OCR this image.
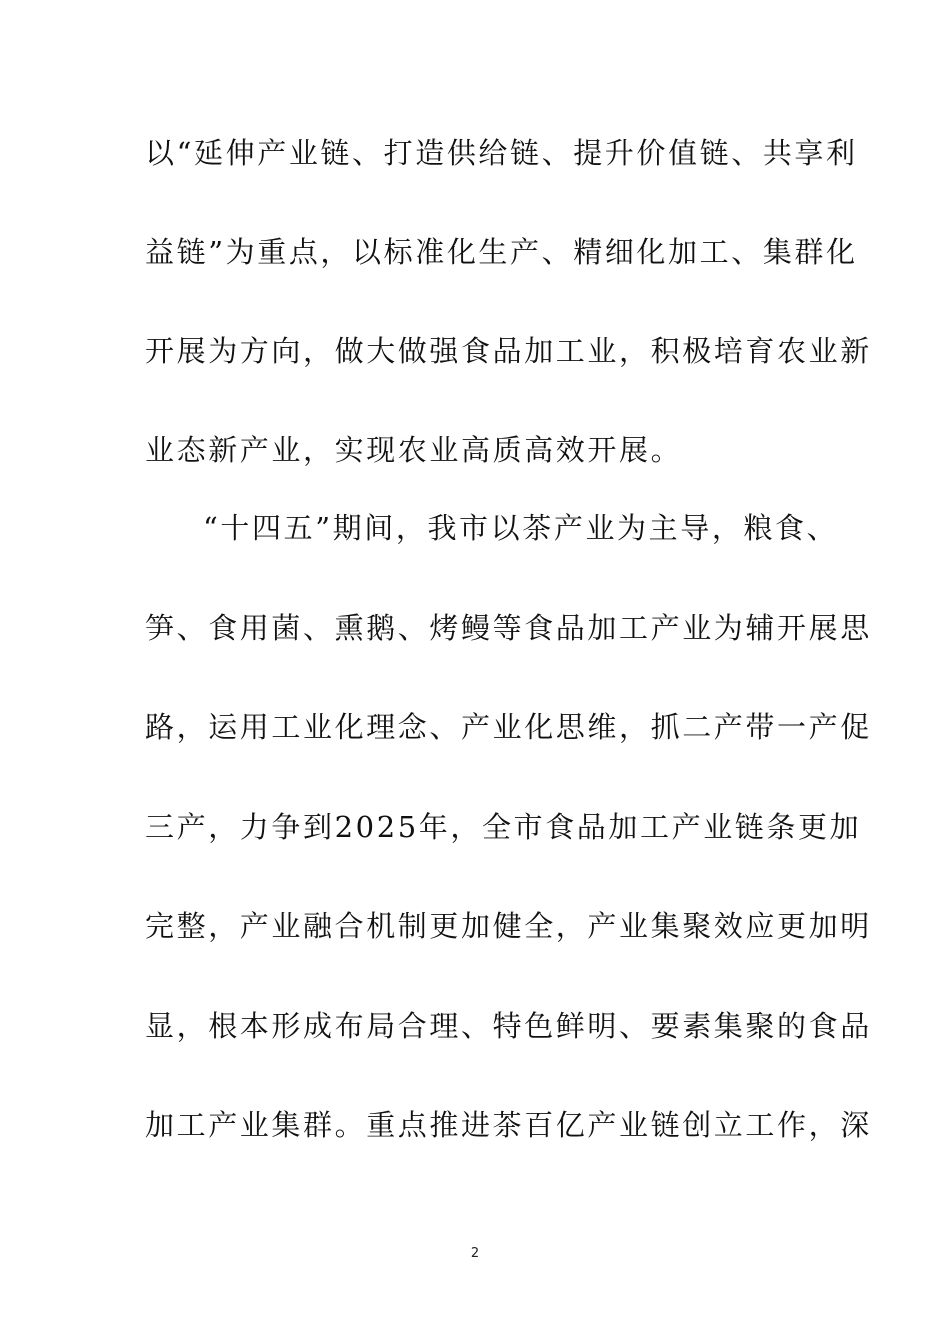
以“延伸产业链、打造供给链、提升价值链、共享利
益链”为重点，以标准化生产、精细化加工、集群化
开展为方向，做大做强食品加工业，积极培育农业新
业态新产业，实现农业高质高效开展。
“十四五”期间，我市以茶产业为主导，粮食、
笋、食用菌、熏鹅、烤鳗等食品加工产业为辅开展思
路，运用工业化理念、产业化思维，抓二产带一产促
三产，力争到2025年，全市食品加工产业链条更加
完整，产业融合机制更加健全，产业集聚效应更加明
显，根本形成布局合理、特色鲜明、要素集聚的食品
加工产业集群。重点推进茶百亿产业链创立工作，深
2
